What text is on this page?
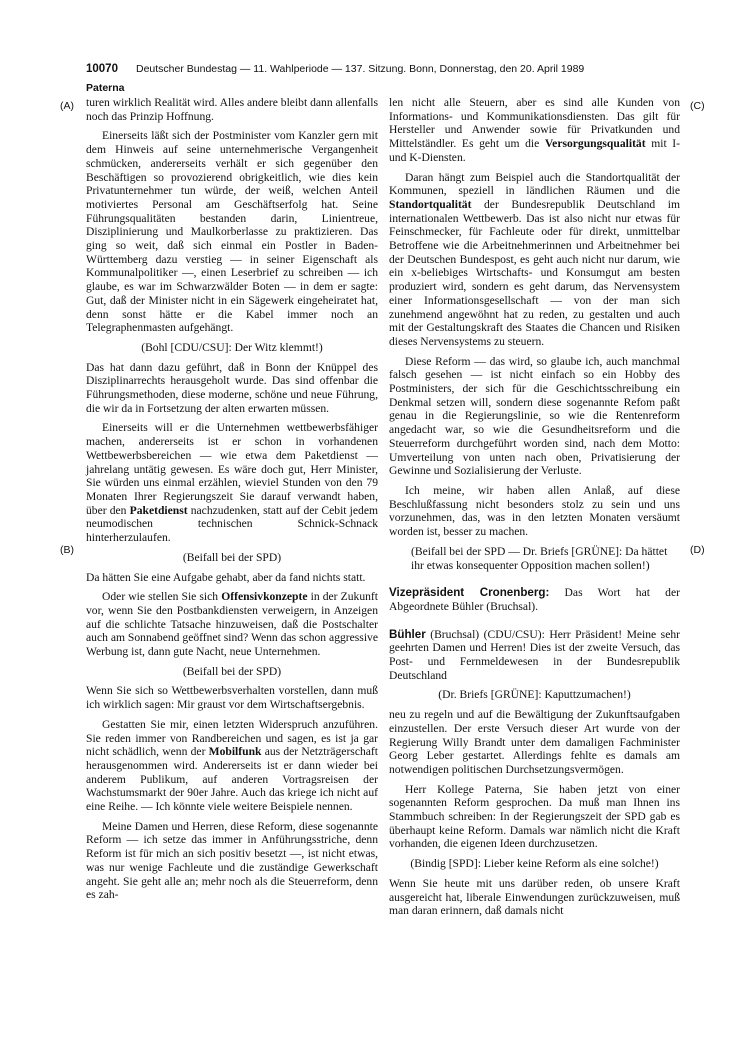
10070 Deutscher Bundestag — 11. Wahlperiode — 137. Sitzung. Bonn, Donnerstag, den 20. April 1989
Paterna
(A)
(B)
(C)
(D)

turen wirklich Realität wird. Alles andere bleibt dann allenfalls noch das Prinzip Hoffnung.

Einerseits läßt sich der Postminister vom Kanzler gern mit dem Hinweis auf seine unternehmerische Vergangenheit schmücken, andererseits verhält er sich gegenüber den Beschäftigen so provozierend obrigkeitlich, wie dies kein Privatunternehmer tun würde, der weiß, welchen Anteil motiviertes Personal am Geschäftserfolg hat. Seine Führungsqualitäten bestanden darin, Linientreue, Disziplinierung und Maulkorberlasse zu praktizieren. Das ging so weit, daß sich einmal ein Postler in Baden-Württemberg dazu verstieg — in seiner Eigenschaft als Kommunalpolitiker —, einen Leserbrief zu schreiben — ich glaube, es war im Schwarzwälder Boten — in dem er sagte: Gut, daß der Minister nicht in ein Sägewerk eingeheiratet hat, denn sonst hätte er die Kabel immer noch an Telegraphenmasten aufgehängt.

(Bohl [CDU/CSU]: Der Witz klemmt!)

Das hat dann dazu geführt, daß in Bonn der Knüppel des Disziplinarrechts herausgeholt wurde. Das sind offenbar die Führungsmethoden, diese moderne, schöne und neue Führung, die wir da in Fortsetzung der alten erwarten müssen.

Einerseits will er die Unternehmen wettbewerbsfähiger machen, andererseits ist er schon in vorhandenen Wettbewerbsbereichen — wie etwa dem Paketdienst — jahrelang untätig gewesen. Es wäre doch gut, Herr Minister, Sie würden uns einmal erzählen, wieviel Stunden von den 79 Monaten Ihrer Regierungszeit Sie darauf verwandt haben, über den Paketdienst nachzudenken, statt auf der Cebit jedem neumodischen technischen Schnick-Schnack hinterherzulaufen.

(Beifall bei der SPD)

Da hätten Sie eine Aufgabe gehabt, aber da fand nichts statt.

Oder wie stellen Sie sich Offensivkonzepte in der Zukunft vor, wenn Sie den Postbankdiensten verweigern, in Anzeigen auf die schlichte Tatsache hinzuweisen, daß die Postschalter auch am Sonnabend geöffnet sind? Wenn das schon aggressive Werbung ist, dann gute Nacht, neue Unternehmen.

(Beifall bei der SPD)

Wenn Sie sich so Wettbewerbsverhalten vorstellen, dann muß ich wirklich sagen: Mir graust vor dem Wirtschaftsergebnis.

Gestatten Sie mir, einen letzten Widerspruch anzuführen. Sie reden immer von Randbereichen und sagen, es ist ja gar nicht schädlich, wenn der Mobilfunk aus der Netzträgerschaft herausgenommen wird. Andererseits ist er dann wieder bei anderem Publikum, auf anderen Vortragsreisen der Wachstumsmarkt der 90er Jahre. Auch das kriege ich nicht auf eine Reihe. — Ich könnte viele weitere Beispiele nennen.

Meine Damen und Herren, diese Reform, diese sogenannte Reform — ich setze das immer in Anführungsstriche, denn Reform ist für mich an sich positiv besetzt —, ist nicht etwas, was nur wenige Fachleute und die zuständige Gewerkschaft angeht. Sie geht alle an; mehr noch als die Steuerreform, denn es zah-

len nicht alle Steuern, aber es sind alle Kunden von Informations- und Kommunikationsdiensten. Das gilt für Hersteller und Anwender sowie für Privatkunden und Mittelständler. Es geht um die Versorgungsqualität mit I- und K-Diensten.

Daran hängt zum Beispiel auch die Standortqualität der Kommunen, speziell in ländlichen Räumen und die Standortqualität der Bundesrepublik Deutschland im internationalen Wettbewerb. Das ist also nicht nur etwas für Feinschmecker, für Fachleute oder für direkt, unmittelbar Betroffene wie die Arbeitnehmerinnen und Arbeitnehmer bei der Deutschen Bundespost, es geht auch nicht nur darum, wie ein x-beliebiges Wirtschafts- und Konsumgut am besten produziert wird, sondern es geht darum, das Nervensystem einer Informationsgesellschaft — von der man sich zunehmend angewöhnt hat zu reden, zu gestalten und auch mit der Gestaltungskraft des Staates die Chancen und Risiken dieses Nervensystems zu steuern.

Diese Reform — das wird, so glaube ich, auch manchmal falsch gesehen — ist nicht einfach so ein Hobby des Postministers, der sich für die Geschichtsschreibung ein Denkmal setzen will, sondern diese sogenannte Refom paßt genau in die Regierungslinie, so wie die Rentenreform angedacht war, so wie die Gesundheitsreform und die Steuerreform durchgeführt worden sind, nach dem Motto: Umverteilung von unten nach oben, Privatisierung der Gewinne und Sozialisierung der Verluste.

Ich meine, wir haben allen Anlaß, auf diese Beschlußfassung nicht besonders stolz zu sein und uns vorzunehmen, das, was in den letzten Monaten versäumt worden ist, besser zu machen.

(Beifall bei der SPD — Dr. Briefs [GRÜNE]: Da hättet ihr etwas konsequenter Opposition machen sollen!)

Vizepräsident Cronenberg: Das Wort hat der Abgeordnete Bühler (Bruchsal).

Bühler (Bruchsal) (CDU/CSU): Herr Präsident! Meine sehr geehrten Damen und Herren! Dies ist der zweite Versuch, das Post- und Fernmeldewesen in der Bundesrepublik Deutschland

(Dr. Briefs [GRÜNE]: Kaputtzumachen!)

neu zu regeln und auf die Bewältigung der Zukunftsaufgaben einzustellen. Der erste Versuch dieser Art wurde von der Regierung Willy Brandt unter dem damaligen Fachminister Georg Leber gestartet. Allerdings fehlte es damals am notwendigen politischen Durchsetzungsvermögen.

Herr Kollege Paterna, Sie haben jetzt von einer sogenannten Reform gesprochen. Da muß man Ihnen ins Stammbuch schreiben: In der Regierungszeit der SPD gab es überhaupt keine Reform. Damals war nämlich nicht die Kraft vorhanden, die eigenen Ideen durchzusetzen.

(Bindig [SPD]: Lieber keine Reform als eine solche!)

Wenn Sie heute mit uns darüber reden, ob unsere Kraft ausgereicht hat, liberale Einwendungen zurückzuweisen, muß man daran erinnern, daß damals nicht
